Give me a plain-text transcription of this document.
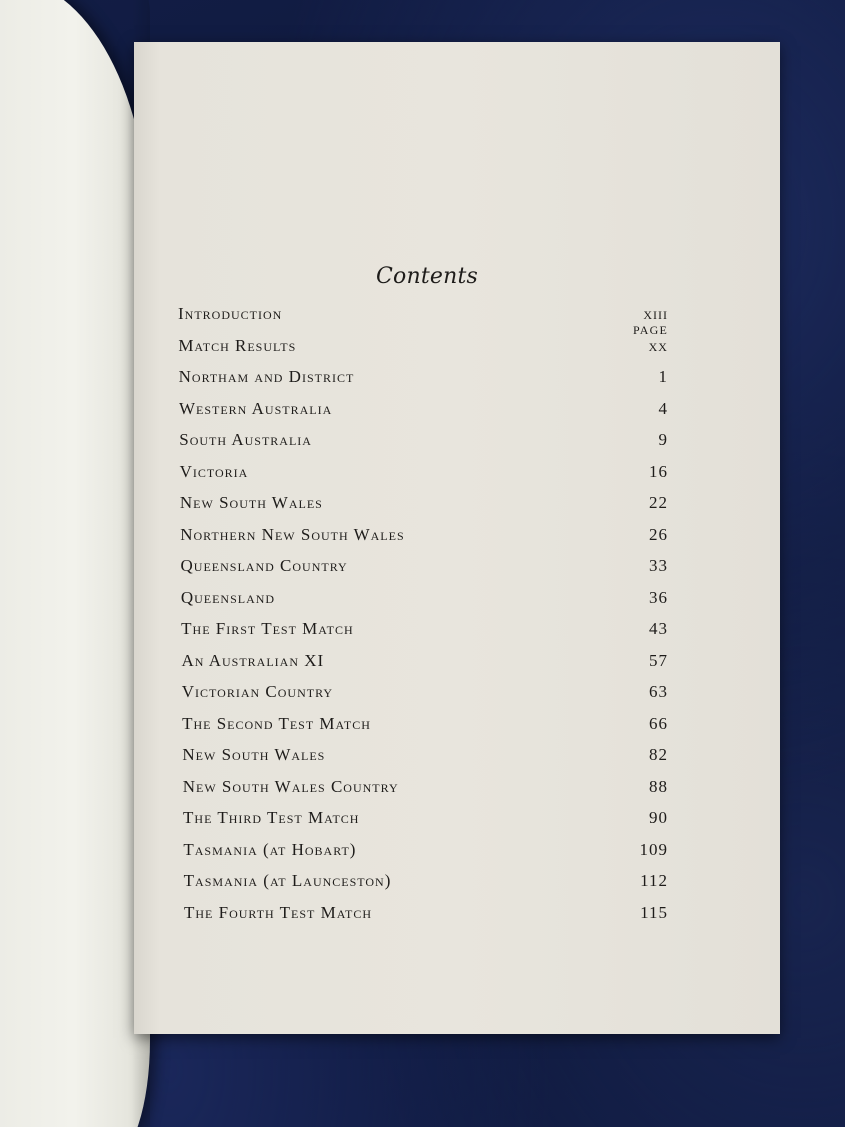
Contents
PAGE
Introduction	xiii
Match Results	xx
Northam and District	1
Western Australia	4
South Australia	9
Victoria	16
New South Wales	22
Northern New South Wales	26
Queensland Country	33
Queensland	36
The First Test Match	43
An Australian XI	57
Victorian Country	63
The Second Test Match	66
New South Wales	82
New South Wales Country	88
The Third Test Match	90
Tasmania (at Hobart)	109
Tasmania (at Launceston)	112
The Fourth Test Match	115
